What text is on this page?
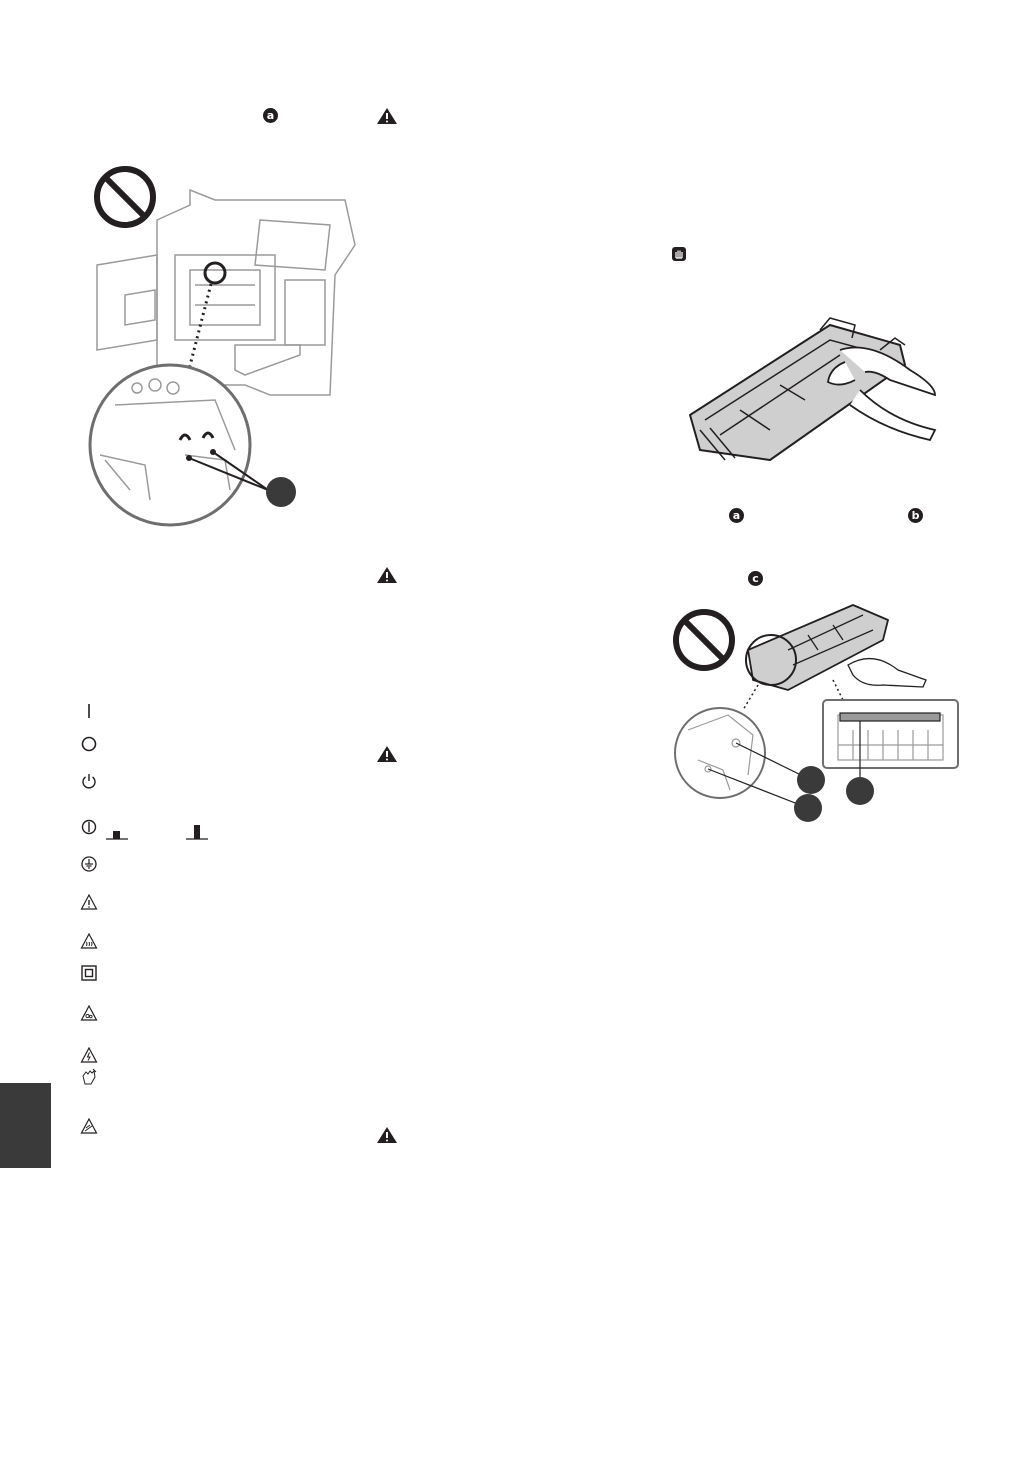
a
a	b
c
